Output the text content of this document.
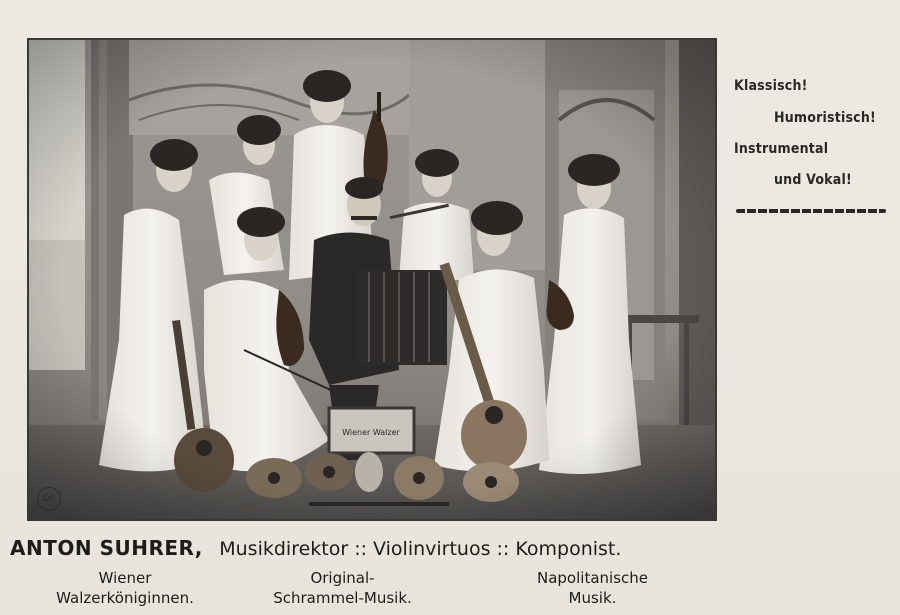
DP
Klassisch!
Humoristisch!
Instrumental
und Vokal!
ANTON SUHRER, Musikdirektor :: Violinvirtuos :: Komponist.
Wiener
Walzerköniginnen.
Original-
Schrammel-Musik.
Napolitanische
Musik.
